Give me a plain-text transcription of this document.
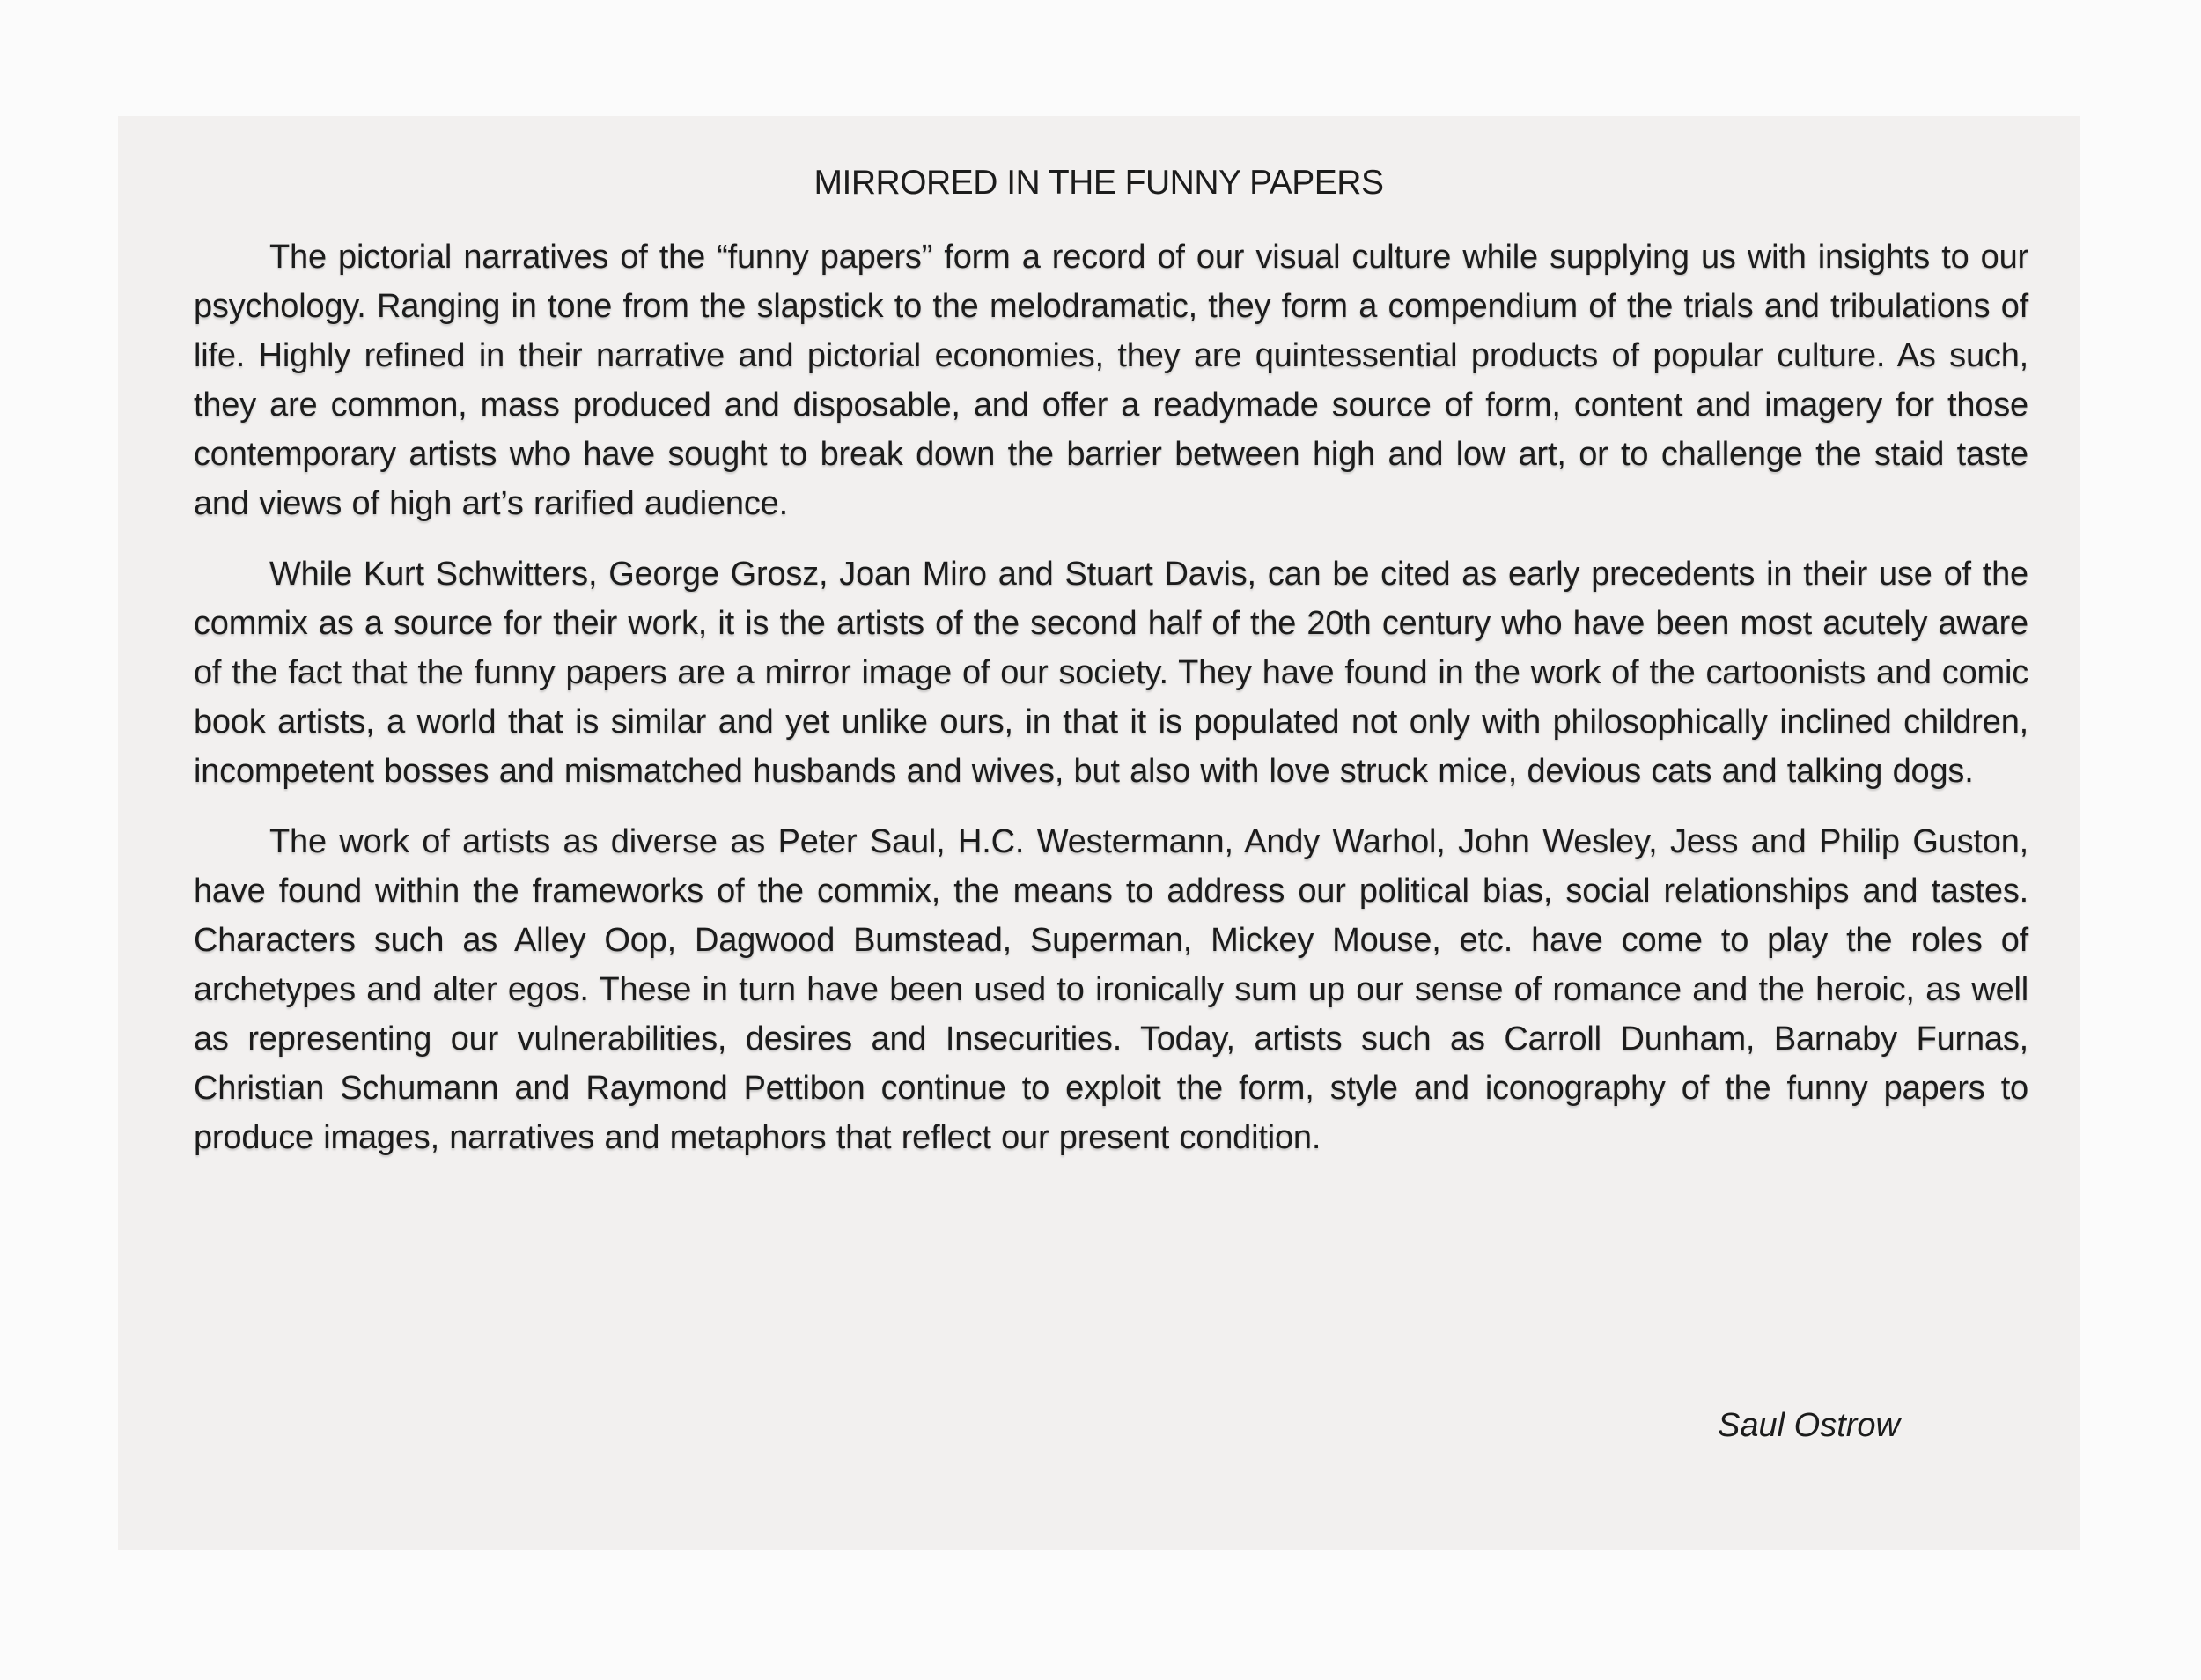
MIRRORED IN THE FUNNY PAPERS

The pictorial narratives of the “funny papers” form a record of our visual culture while supplying us with insights to our psychology. Ranging in tone from the slapstick to the melodramatic, they form a compendium of the trials and tribulations of life. Highly refined in their narrative and pictorial economies, they are quintessential products of popular culture. As such, they are common, mass produced and disposable, and offer a readymade source of form, content and imagery for those contemporary artists who have sought to break down the barrier between high and low art, or to challenge the staid taste and views of high art’s rarified audience.

While Kurt Schwitters, George Grosz, Joan Miro and Stuart Davis, can be cited as early precedents in their use of the commix as a source for their work, it is the artists of the second half of the 20th century who have been most acutely aware of the fact that the funny papers are a mirror image of our society. They have found in the work of the cartoonists and comic book artists, a world that is similar and yet unlike ours, in that it is populated not only with philosophically inclined children, incompetent bosses and mismatched husbands and wives, but also with love struck mice, devious cats and talking dogs.

The work of artists as diverse as Peter Saul, H.C. Westermann, Andy Warhol, John Wesley, Jess and Philip Guston, have found within the frameworks of the commix, the means to address our political bias, social relationships and tastes. Characters such as Alley Oop, Dagwood Bumstead, Superman, Mickey Mouse, etc. have come to play the roles of archetypes and alter egos. These in turn have been used to ironically sum up our sense of romance and the heroic, as well as representing our vulnerabilities, desires and Insecurities. Today, artists such as Carroll Dunham, Barnaby Furnas, Christian Schumann and Raymond Pettibon continue to exploit the form, style and iconography of the funny papers to produce images, narratives and metaphors that reflect our present condition.

Saul Ostrow
